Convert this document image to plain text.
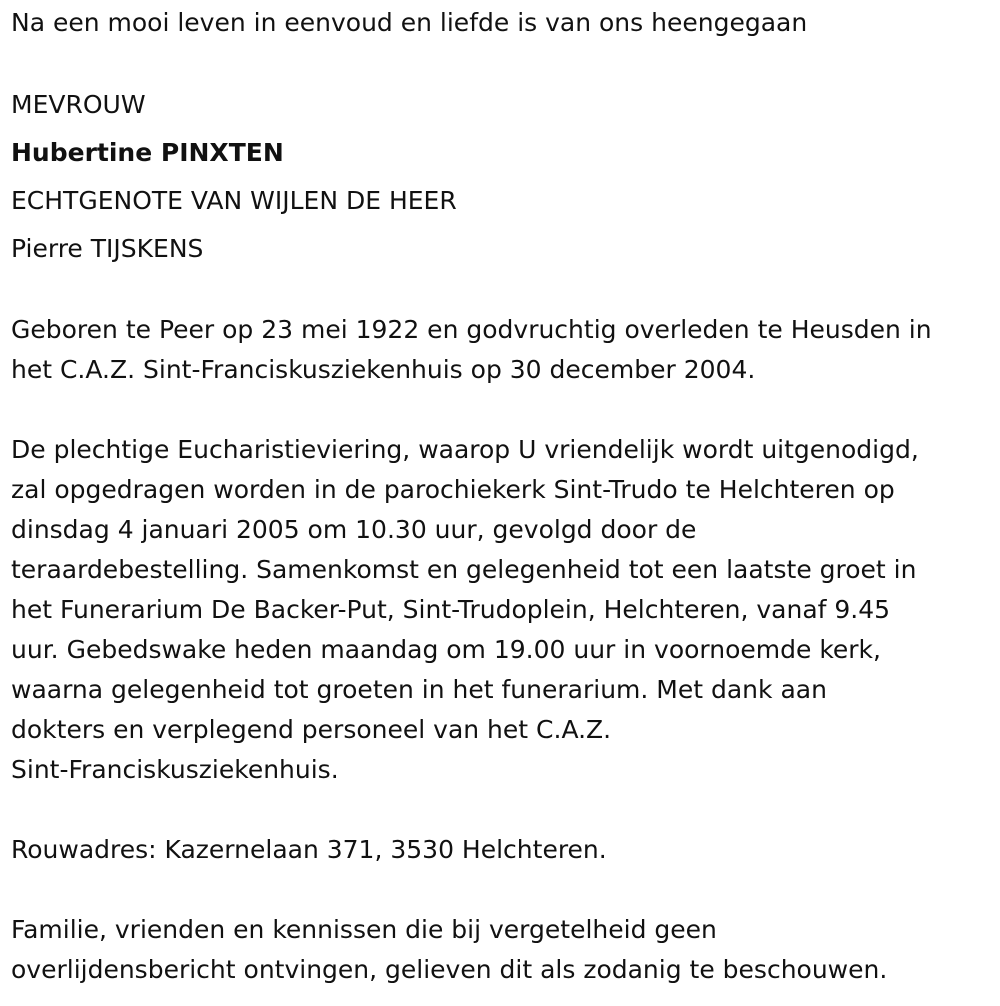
Na een mooi leven in eenvoud en liefde is van ons heengegaan
MEVROUW
Hubertine PINXTEN
ECHTGENOTE VAN WIJLEN DE HEER
Pierre TIJSKENS
Geboren te Peer op 23 mei 1922 en godvruchtig overleden te Heusden in
het C.A.Z. Sint-Franciskusziekenhuis op 30 december 2004.
De plechtige Eucharistieviering, waarop U vriendelijk wordt uitgenodigd,
zal opgedragen worden in de parochiekerk Sint-Trudo te Helchteren op
dinsdag 4 januari 2005 om 10.30 uur, gevolgd door de
teraardebestelling. Samenkomst en gelegenheid tot een laatste groet in
het Funerarium De Backer-Put, Sint-Trudoplein, Helchteren, vanaf 9.45
uur. Gebedswake heden maandag om 19.00 uur in voornoemde kerk,
waarna gelegenheid tot groeten in het funerarium. Met dank aan
dokters en verplegend personeel van het C.A.Z.
Sint-Franciskusziekenhuis.
Rouwadres: Kazernelaan 371, 3530 Helchteren.
Familie, vrienden en kennissen die bij vergetelheid geen
overlijdensbericht ontvingen, gelieven dit als zodanig te beschouwen.
